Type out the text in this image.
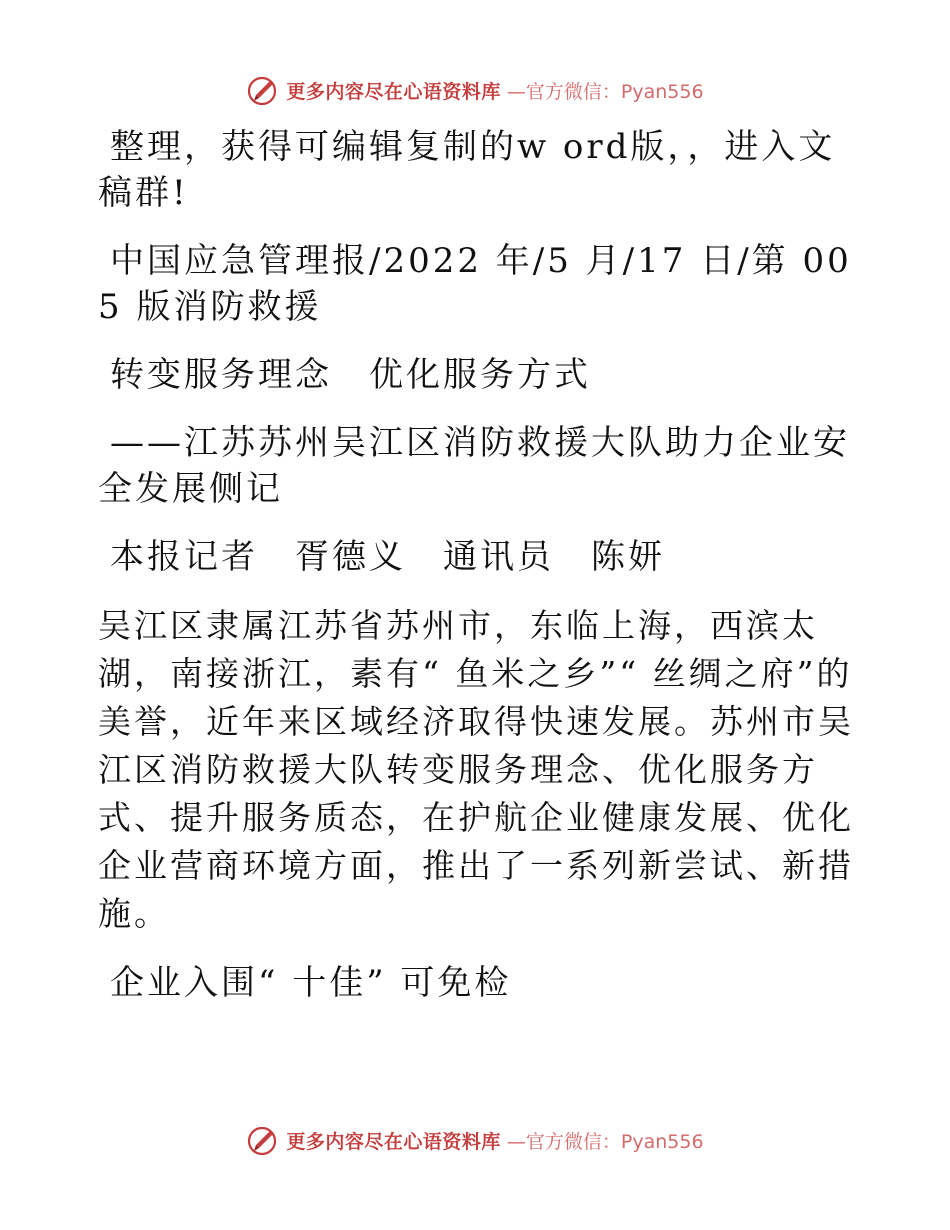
更多内容尽在心语资料库 —官方微信：Pyan556

整理，获得可编辑复制的w ord版，，进入文稿群!

中国应急管理报/2022 年/5 月/17 日/第 005 版消防救援

转变服务理念　优化服务方式

——江苏苏州吴江区消防救援大队助力企业安全发展侧记

本报记者　胥德义　通讯员　陈妍

吴江区隶属江苏省苏州市，东临上海，西滨太湖，南接浙江，素有“ 鱼米之乡”“ 丝绸之府”的美誉，近年来区域经济取得快速发展。苏州市吴江区消防救援大队转变服务理念、优化服务方式、提升服务质态，在护航企业健康发展、优化企业营商环境方面，推出了一系列新尝试、新措施。

企业入围“ 十佳” 可免检

更多内容尽在心语资料库 —官方微信：Pyan556
